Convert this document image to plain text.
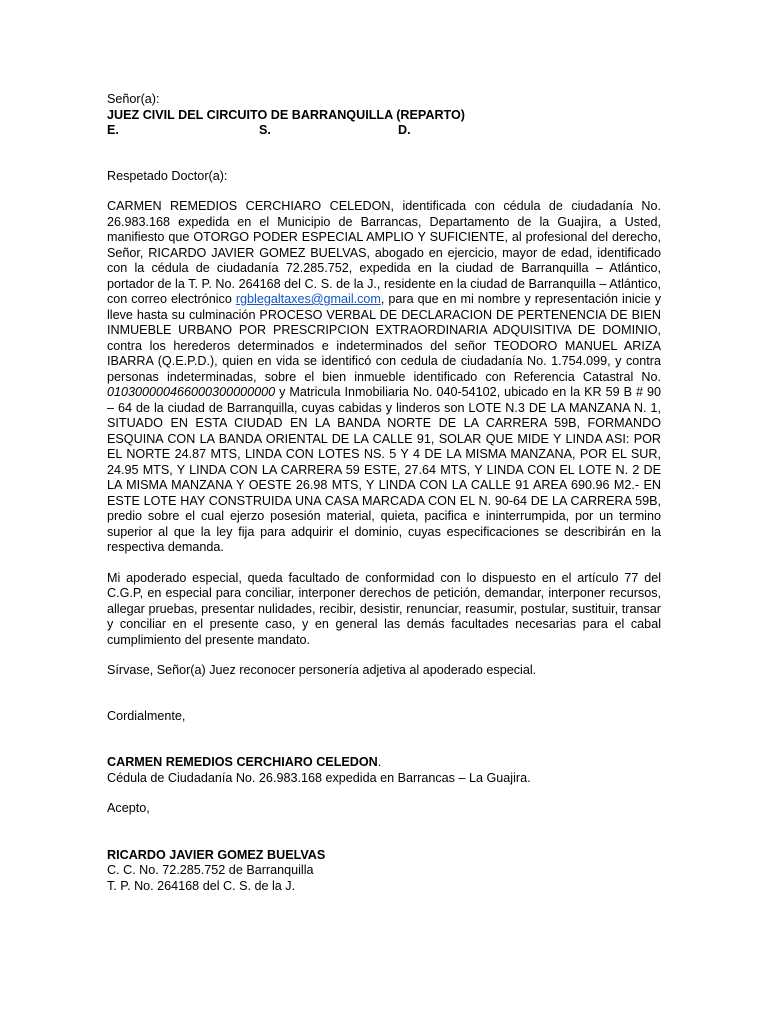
Señor(a):

JUEZ CIVIL DEL CIRCUITO DE BARRANQUILLA (REPARTO)

E.	S.	D.

Respetado Doctor(a):

CARMEN REMEDIOS CERCHIARO CELEDON, identificada con cédula de ciudadanía No. 26.983.168 expedida en el Municipio de Barrancas, Departamento de la Guajira, a Usted, manifiesto que OTORGO PODER ESPECIAL AMPLIO Y SUFICIENTE, al profesional del derecho, Señor, RICARDO JAVIER GOMEZ BUELVAS, abogado en ejercicio, mayor de edad, identificado con la cédula de ciudadanía 72.285.752, expedida en la ciudad de Barranquilla – Atlántico, portador de la T. P. No. 264168 del C. S. de la J., residente en la ciudad de Barranquilla – Atlántico, con correo electrónico rgblegaltaxes@gmail.com, para que en mi nombre y representación inicie y lleve hasta su culminación PROCESO VERBAL DE DECLARACION DE PERTENENCIA DE BIEN INMUEBLE URBANO POR PRESCRIPCION EXTRAORDINARIA ADQUISITIVA DE DOMINIO, contra los herederos determinados e indeterminados del señor TEODORO MANUEL ARIZA IBARRA (Q.E.P.D.), quien en vida se identificó con cedula de ciudadanía No. 1.754.099, y contra personas indeterminadas, sobre el bien inmueble identificado con Referencia Catastral No. 010300000466000300000000 y Matricula Inmobiliaria No. 040-54102, ubicado en la KR 59 B # 90 – 64 de la ciudad de Barranquilla, cuyas cabidas y linderos son LOTE N.3 DE LA MANZANA N. 1, SITUADO EN ESTA CIUDAD EN LA BANDA NORTE DE LA CARRERA 59B, FORMANDO ESQUINA CON LA BANDA ORIENTAL DE LA CALLE 91, SOLAR QUE MIDE Y LINDA ASI: POR EL NORTE 24.87 MTS, LINDA CON LOTES NS. 5 Y 4 DE LA MISMA MANZANA, POR EL SUR, 24.95 MTS, Y LINDA CON LA CARRERA 59 ESTE, 27.64 MTS, Y LINDA CON EL LOTE N. 2 DE LA MISMA MANZANA Y OESTE 26.98 MTS, Y LINDA CON LA CALLE 91 AREA 690.96 M2.- EN ESTE LOTE HAY CONSTRUIDA UNA CASA MARCADA CON EL N. 90-64 DE LA CARRERA 59B, predio sobre el cual ejerzo posesión material, quieta, pacifica e ininterrumpida, por un termino superior al que la ley fija para adquirir el dominio, cuyas especificaciones se describirán en la respectiva demanda.

Mi apoderado especial, queda facultado de conformidad con lo dispuesto en el artículo 77 del C.G.P, en especial para conciliar, interponer derechos de petición, demandar, interponer recursos, allegar pruebas, presentar nulidades, recibir, desistir, renunciar, reasumir, postular, sustituir, transar y conciliar en el presente caso, y en general las demás facultades necesarias para el cabal cumplimiento del presente mandato.

Sírvase, Señor(a) Juez reconocer personería adjetiva al apoderado especial.

Cordialmente,

CARMEN REMEDIOS CERCHIARO CELEDON.

Cédula de Ciudadanía No. 26.983.168 expedida en Barrancas – La Guajira.

Acepto,

RICARDO JAVIER GOMEZ BUELVAS

C. C. No. 72.285.752 de Barranquilla

T. P. No. 264168 del C. S. de la J.
